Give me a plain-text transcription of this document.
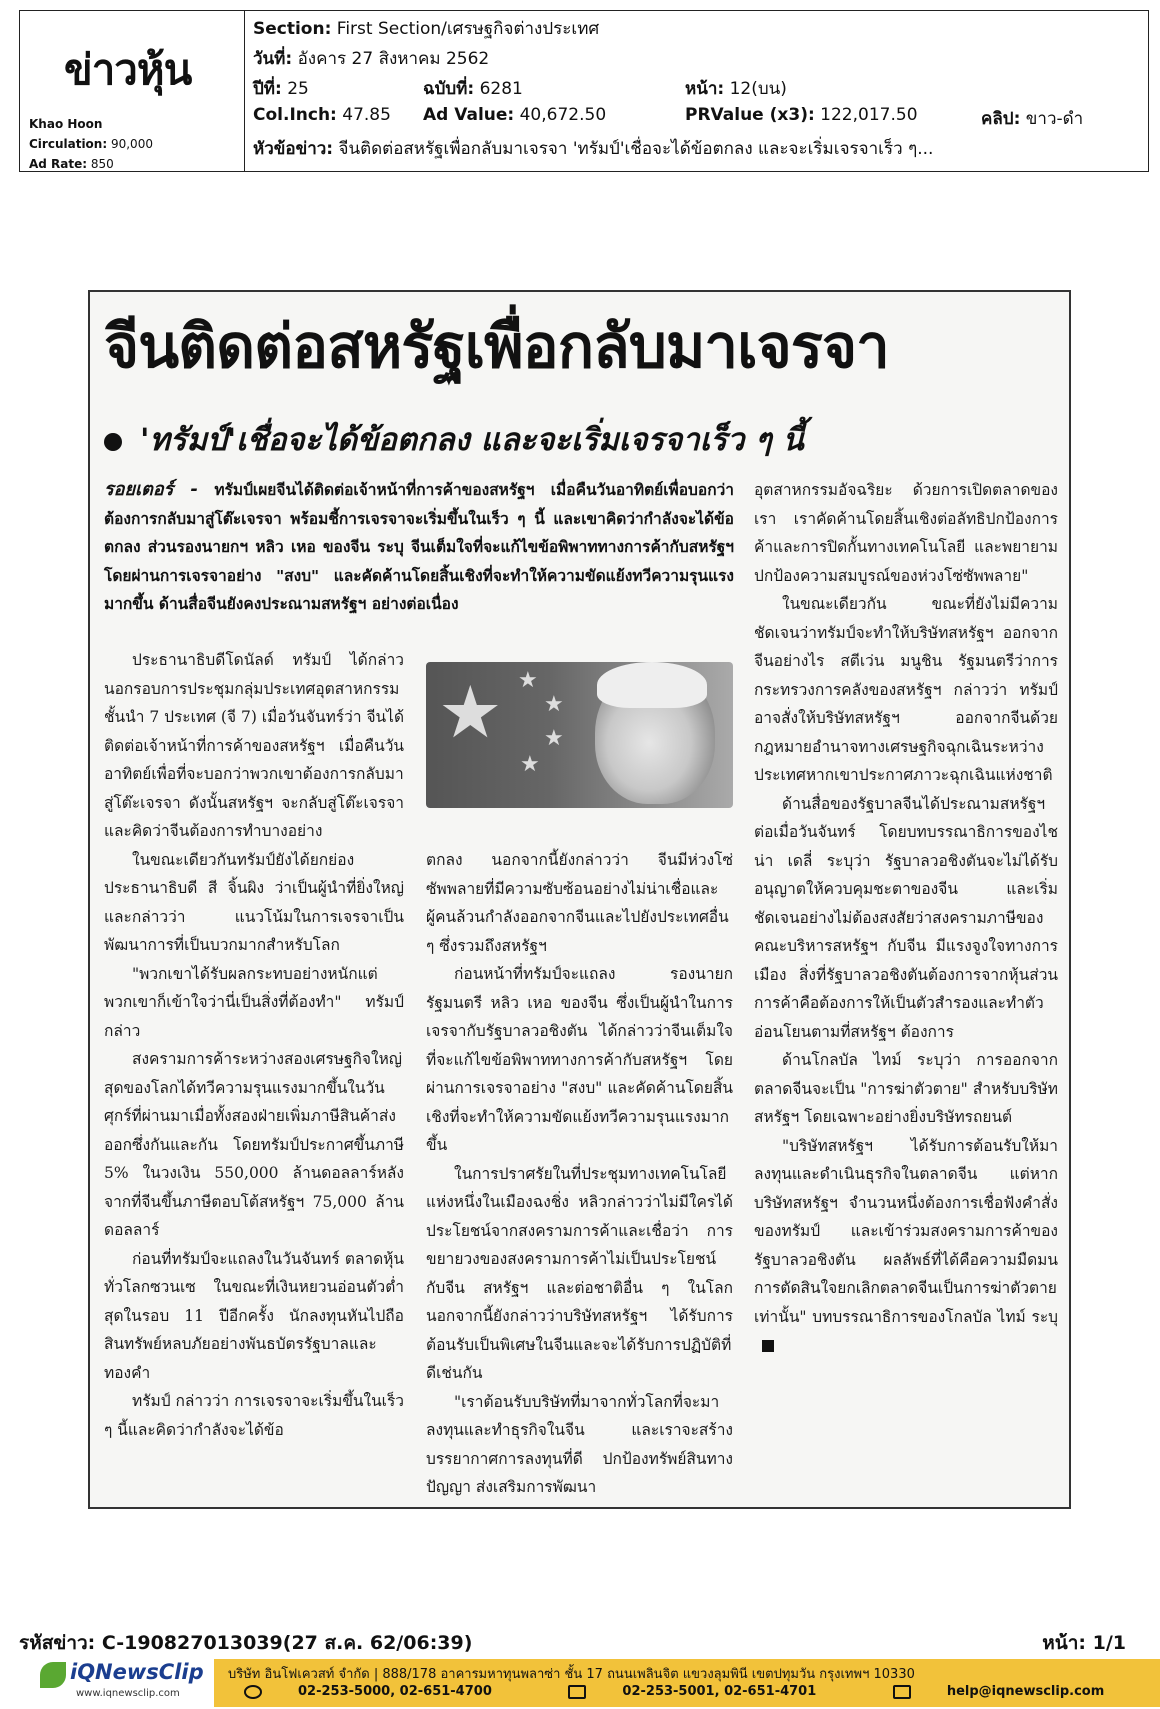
ข่าวหุ้น
Khao Hoon
Circulation: 90,000
Ad Rate: 850
Section: First Section/เศรษฐกิจต่างประเทศ
วันที่: อังคาร 27 สิงหาคม 2562
ปีที่: 25	ฉบับที่: 6281	หน้า: 12(บน)
Col.Inch: 47.85 Ad Value: 40,672.50	PRValue (x3): 122,017.50	คลิป: ขาว-ดำ
หัวข้อข่าว: จีนติดต่อสหรัฐเพื่อกลับมาเจรจา 'ทรัมป์'เชื่อจะได้ข้อตกลง และจะเริ่มเจรจาเร็ว ๆ...
จีนติดต่อสหรัฐเพื่อกลับมาเจรจา
'ทรัมป์'เชื่อจะได้ข้อตกลง และจะเริ่มเจรจาเร็ว ๆ นี้
รอยเตอร์ - ทรัมป์เผยจีนได้ติดต่อเจ้าหน้าที่การค้าของสหรัฐฯ เมื่อคืนวันอาทิตย์เพื่อบอกว่าต้องการกลับมาสู่โต๊ะเจรจา พร้อมชี้การเจรจาจะเริ่มขึ้นในเร็ว ๆ นี้ และเขาคิดว่ากำลังจะได้ข้อตกลง ส่วนรองนายกฯ หลิว เหอ ของจีน ระบุ จีนเต็มใจที่จะแก้ไขข้อพิพาททางการค้ากับสหรัฐฯ โดยผ่านการเจรจาอย่าง "สงบ" และคัดค้านโดยสิ้นเชิงที่จะทำให้ความขัดแย้งทวีความรุนแรงมากขึ้น ด้านสื่อจีนยังคงประณามสหรัฐฯ อย่างต่อเนื่อง

ประธานาธิบดีโดนัลด์ ทรัมป์ ได้กล่าวนอกรอบการประชุมกลุ่มประเทศอุตสาหกรรมชั้นนำ 7 ประเทศ (จี 7) เมื่อวันจันทร์ว่า จีนได้ติดต่อเจ้าหน้าที่การค้าของสหรัฐฯ เมื่อคืนวันอาทิตย์เพื่อที่จะบอกว่าพวกเขาต้องการกลับมาสู่โต๊ะเจรจา ดังนั้นสหรัฐฯ จะกลับสู่โต๊ะเจรจา และคิดว่าจีนต้องการทำบางอย่าง

ในขณะเดียวกันทรัมป์ยังได้ยกย่องประธานาธิบดี สี จิ้นผิง ว่าเป็นผู้นำที่ยิ่งใหญ่และกล่าวว่า แนวโน้มในการเจรจาเป็นพัฒนาการที่เป็นบวกมากสำหรับโลก

"พวกเขาได้รับผลกระทบอย่างหนักแต่พวกเขาก็เข้าใจว่านี่เป็นสิ่งที่ต้องทำ" ทรัมป์ กล่าว

สงครามการค้าระหว่างสองเศรษฐกิจใหญ่สุดของโลกได้ทวีความรุนแรงมากขึ้นในวันศุกร์ที่ผ่านมาเมื่อทั้งสองฝ่ายเพิ่มภาษีสินค้าส่งออกซึ่งกันและกัน โดยทรัมป์ประกาศขึ้นภาษี 5% ในวงเงิน 550,000 ล้านดอลลาร์หลังจากที่จีนขึ้นภาษีตอบโต้สหรัฐฯ 75,000 ล้านดอลลาร์

ก่อนที่ทรัมป์จะแถลงในวันจันทร์ ตลาดหุ้นทั่วโลกซวนเซ ในขณะที่เงินหยวนอ่อนตัวต่ำสุดในรอบ 11 ปีอีกครั้ง นักลงทุนหันไปถือสินทรัพย์หลบภัยอย่างพันธบัตรรัฐบาลและทองคำ

ทรัมป์ กล่าวว่า การเจรจาจะเริ่มขึ้นในเร็ว ๆ นี้และคิดว่ากำลังจะได้ข้อ

★ ★
★
★
★

ตกลง นอกจากนี้ยังกล่าวว่า จีนมีห่วงโซ่ซัพพลายที่มีความซับซ้อนอย่างไม่น่าเชื่อและผู้คนล้วนกำลังออกจากจีนและไปยังประเทศอื่น ๆ ซึ่งรวมถึงสหรัฐฯ

ก่อนหน้าที่ทรัมป์จะแถลง รองนายกรัฐมนตรี หลิว เหอ ของจีน ซึ่งเป็นผู้นำในการเจรจากับรัฐบาลวอชิงตัน ได้กล่าวว่าจีนเต็มใจที่จะแก้ไขข้อพิพาททางการค้ากับสหรัฐฯ โดยผ่านการเจรจาอย่าง "สงบ" และคัดค้านโดยสิ้นเชิงที่จะทำให้ความขัดแย้งทวีความรุนแรงมากขึ้น

ในการปราศรัยในที่ประชุมทางเทคโนโลยีแห่งหนึ่งในเมืองฉงชิ่ง หลิวกล่าวว่าไม่มีใครได้ประโยชน์จากสงครามการค้าและเชื่อว่า การขยายวงของสงครามการค้าไม่เป็นประโยชน์กับจีน สหรัฐฯ และต่อชาติอื่น ๆ ในโลก นอกจากนี้ยังกล่าวว่าบริษัทสหรัฐฯ ได้รับการต้อนรับเป็นพิเศษในจีนและจะได้รับการปฏิบัติที่ดีเช่นกัน

"เราต้อนรับบริษัทที่มาจากทั่วโลกที่จะมาลงทุนและทำธุรกิจในจีน และเราจะสร้างบรรยากาศการลงทุนที่ดี ปกป้องทรัพย์สินทางปัญญา ส่งเสริมการพัฒนา

อุตสาหกรรมอัจฉริยะ ด้วยการเปิดตลาดของเรา เราคัดค้านโดยสิ้นเชิงต่อลัทธิปกป้องการค้าและการปิดกั้นทางเทคโนโลยี และพยายามปกป้องความสมบูรณ์ของห่วงโซ่ซัพพลาย"

ในขณะเดียวกัน ขณะที่ยังไม่มีความชัดเจนว่าทรัมป์จะทำให้บริษัทสหรัฐฯ ออกจากจีนอย่างไร สตีเว่น มนูชิน รัฐมนตรีว่าการกระทรวงการคลังของสหรัฐฯ กล่าวว่า ทรัมป์อาจสั่งให้บริษัทสหรัฐฯ ออกจากจีนด้วยกฎหมายอำนาจทางเศรษฐกิจฉุกเฉินระหว่างประเทศหากเขาประกาศภาวะฉุกเฉินแห่งชาติ

ด้านสื่อของรัฐบาลจีนได้ประณามสหรัฐฯ ต่อเมื่อวันจันทร์ โดยบทบรรณาธิการของไชน่า เดลี่ ระบุว่า รัฐบาลวอชิงตันจะไม่ได้รับอนุญาตให้ควบคุมชะตาของจีน และเริ่มชัดเจนอย่างไม่ต้องสงสัยว่าสงครามภาษีของคณะบริหารสหรัฐฯ กับจีน มีแรงจูงใจทางการเมือง สิ่งที่รัฐบาลวอชิงตันต้องการจากหุ้นส่วนการค้าคือต้องการให้เป็นตัวสำรองและทำตัวอ่อนโยนตามที่สหรัฐฯ ต้องการ

ด้านโกลบัล ไทม์ ระบุว่า การออกจากตลาดจีนจะเป็น "การฆ่าตัวตาย" สำหรับบริษัทสหรัฐฯ โดยเฉพาะอย่างยิ่งบริษัทรถยนต์

"บริษัทสหรัฐฯ ได้รับการต้อนรับให้มาลงทุนและดำเนินธุรกิจในตลาดจีน แต่หากบริษัทสหรัฐฯ จำนวนหนึ่งต้องการเชื่อฟังคำสั่งของทรัมป์ และเข้าร่วมสงครามการค้าของรัฐบาลวอชิงตัน ผลลัพธ์ที่ได้คือความมืดมน การตัดสินใจยกเลิกตลาดจีนเป็นการฆ่าตัวตายเท่านั้น" บทบรรณาธิการของโกลบัล ไทม์ ระบุ

รหัสข่าว: C-190827013039(27 ส.ค. 62/06:39)	หน้า: 1/1
iQNewsClip
www.iqnewsclip.com
บริษัท อินโฟเควสท์ จำกัด | 888/178 อาคารมหาทุนพลาซ่า ชั้น 17 ถนนเพลินจิต แขวงลุมพินี เขตปทุมวัน กรุงเทพฯ 10330
02-253-5000, 02-651-4700	02-253-5001, 02-651-4701	help@iqnewsclip.com
